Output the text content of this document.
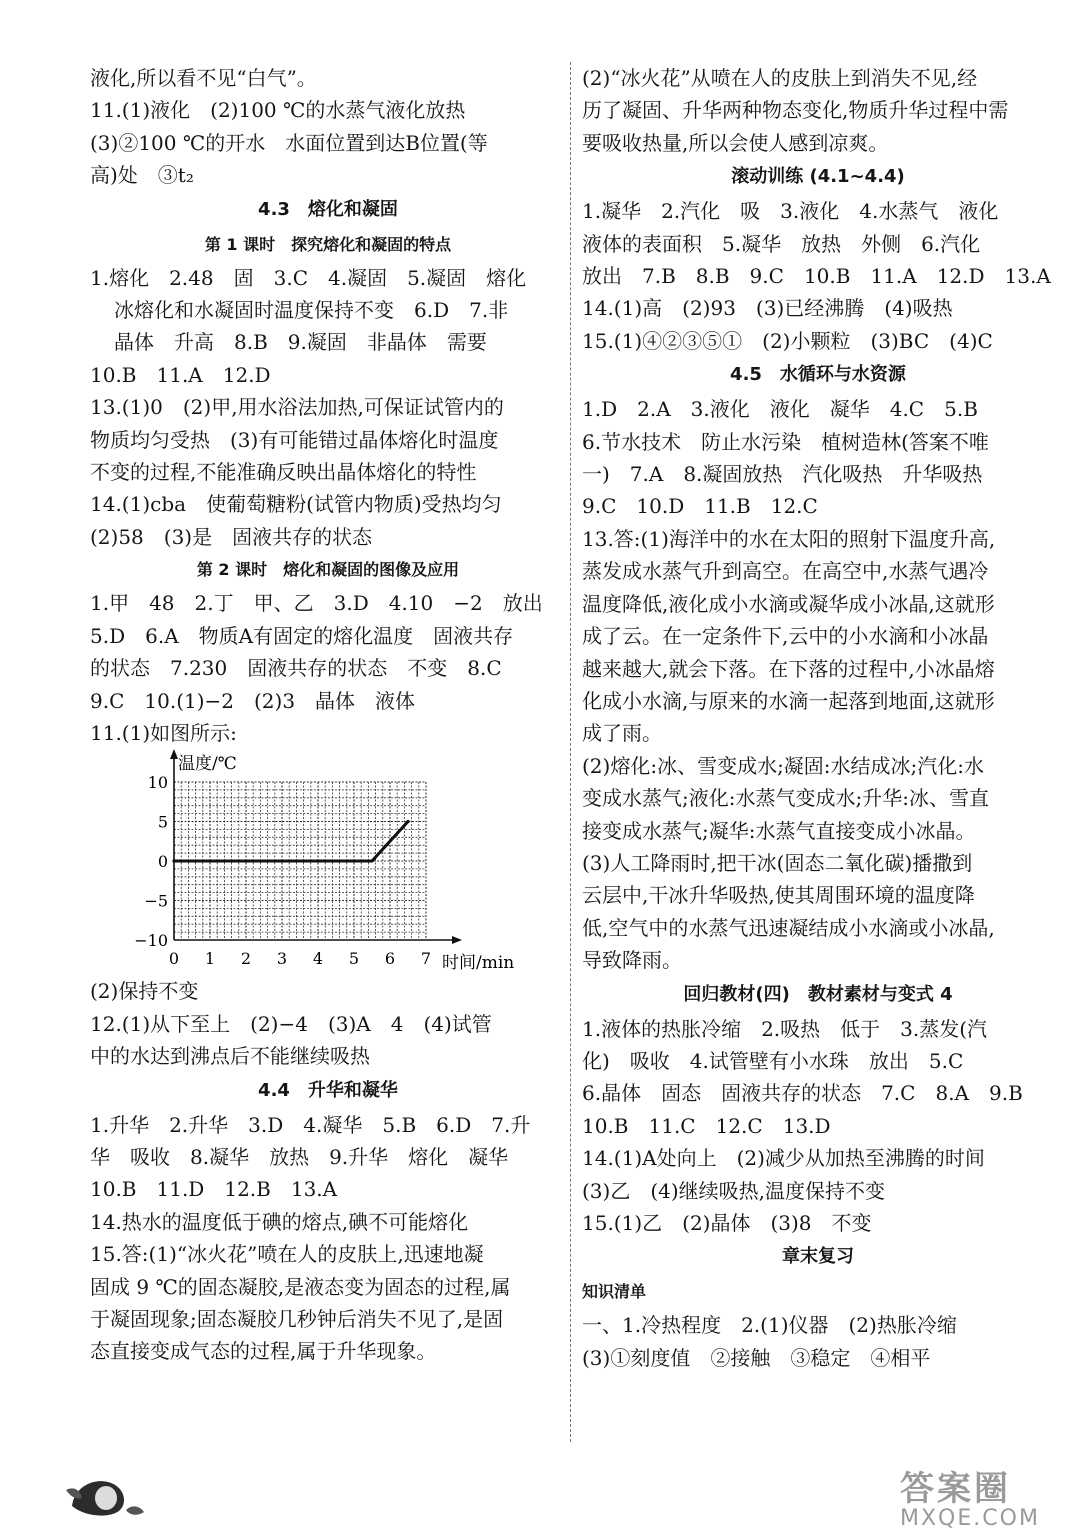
液化,所以看不见“白气”。

11.(1)液化　(2)100 ℃的水蒸气液化放热

(3)②100 ℃的开水　水面位置到达B位置(等

高)处　③t₂

4.3　熔化和凝固
第 1 课时　探究熔化和凝固的特点

1.熔化　2.48　固　3.C　4.凝固　5.凝固　熔化

冰熔化和水凝固时温度保持不变　6.D　7.非

晶体　升高　8.B　9.凝固　非晶体　需要

10.B　11.A　12.D

13.(1)0　(2)甲,用水浴法加热,可保证试管内的

物质均匀受热　(3)有可能错过晶体熔化时温度

不变的过程,不能准确反映出晶体熔化的特性

14.(1)cba　使葡萄糖粉(试管内物质)受热均匀

(2)58　(3)是　固液共存的状态

第 2 课时　熔化和凝固的图像及应用

1.甲　48　2.丁　甲、乙　3.D　4.10　−2　放出

5.D　6.A　物质A有固定的熔化温度　固液共存

的状态　7.230　固液共存的状态　不变　8.C

9.C　10.(1)−2　(2)3　晶体　液体

11.(1)如图所示:

温度/℃
时间/min
0 1 2 3 4 5 6 7
10
5
0
−5
−10

(2)保持不变

12.(1)从下至上　(2)−4　(3)A　4　(4)试管

中的水达到沸点后不能继续吸热

4.4　升华和凝华

1.升华　2.升华　3.D　4.凝华　5.B　6.D　7.升

华　吸收　8.凝华　放热　9.升华　熔化　凝华

10.B　11.D　12.B　13.A

14.热水的温度低于碘的熔点,碘不可能熔化

15.答:(1)“冰火花”喷在人的皮肤上,迅速地凝

固成 9 ℃的固态凝胶,是液态变为固态的过程,属

于凝固现象;固态凝胶几秒钟后消失不见了,是固

态直接变成气态的过程,属于升华现象。

(2)“冰火花”从喷在人的皮肤上到消失不见,经

历了凝固、升华两种物态变化,物质升华过程中需

要吸收热量,所以会使人感到凉爽。

滚动训练 (4.1~4.4)

1.凝华　2.汽化　吸　3.液化　4.水蒸气　液化

液体的表面积　5.凝华　放热　外侧　6.汽化

放出　7.B　8.B　9.C　10.B　11.A　12.D　13.A

14.(1)高　(2)93　(3)已经沸腾　(4)吸热

15.(1)④②③⑤①　(2)小颗粒　(3)BC　(4)C

4.5　水循环与水资源

1.D　2.A　3.液化　液化　凝华　4.C　5.B

6.节水技术　防止水污染　植树造林(答案不唯

一)　7.A　8.凝固放热　汽化吸热　升华吸热

9.C　10.D　11.B　12.C

13.答:(1)海洋中的水在太阳的照射下温度升高,

蒸发成水蒸气升到高空。在高空中,水蒸气遇冷

温度降低,液化成小水滴或凝华成小冰晶,这就形

成了云。在一定条件下,云中的小水滴和小冰晶

越来越大,就会下落。在下落的过程中,小冰晶熔

化成小水滴,与原来的水滴一起落到地面,这就形

成了雨。

(2)熔化:冰、雪变成水;凝固:水结成冰;汽化:水

变成水蒸气;液化:水蒸气变成水;升华:冰、雪直

接变成水蒸气;凝华:水蒸气直接变成小冰晶。

(3)人工降雨时,把干冰(固态二氧化碳)播撒到

云层中,干冰升华吸热,使其周围环境的温度降

低,空气中的水蒸气迅速凝结成小水滴或小冰晶,

导致降雨。

回归教材(四)　教材素材与变式 4

1.液体的热胀冷缩　2.吸热　低于　3.蒸发(汽

化)　吸收　4.试管壁有小水珠　放出　5.C

6.晶体　固态　固液共存的状态　7.C　8.A　9.B

10.B　11.C　12.C　13.D

14.(1)A处向上　(2)减少从加热至沸腾的时间

(3)乙　(4)继续吸热,温度保持不变

15.(1)乙　(2)晶体　(3)8　不变

章末复习
知识清单

一、1.冷热程度　2.(1)仪器　(2)热胀冷缩

(3)①刻度值　②接触　③稳定　④相平

答案圈
MXQE.COM
